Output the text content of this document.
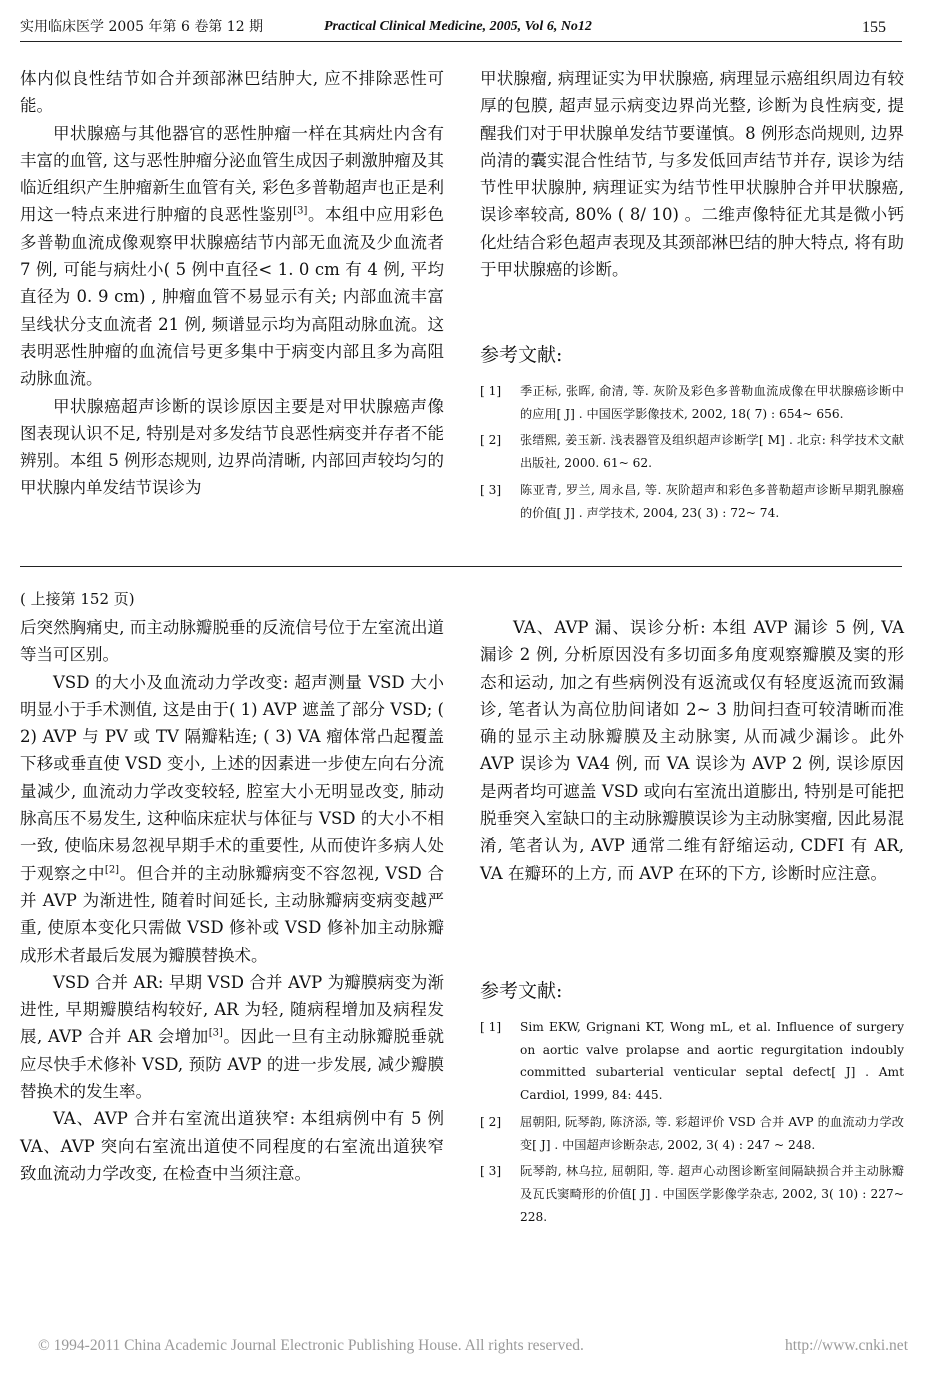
实用临床医学 2005 年第 6 卷第 12 期	Practical Clinical Medicine, 2005, Vol 6, No12	155

体内似良性结节如合并颈部淋巴结肿大, 应不排除恶性可能。

甲状腺癌与其他器官的恶性肿瘤一样在其病灶内含有丰富的血管, 这与恶性肿瘤分泌血管生成因子刺激肿瘤及其临近组织产生肿瘤新生血管有关, 彩色多普勒超声也正是利用这一特点来进行肿瘤的良恶性鉴别[3]。本组中应用彩色多普勒血流成像观察甲状腺癌结节内部无血流及少血流者 7 例, 可能与病灶小( 5 例中直径< 1. 0 cm 有 4 例, 平均直径为 0. 9 cm) , 肿瘤血管不易显示有关; 内部血流丰富呈线状分支血流者 21 例, 频谱显示均为高阻动脉血流。这表明恶性肿瘤的血流信号更多集中于病变内部且多为高阻动脉血流。

甲状腺癌超声诊断的误诊原因主要是对甲状腺癌声像图表现认识不足, 特别是对多发结节良恶性病变并存者不能辨别。本组 5 例形态规则, 边界尚清晰, 内部回声较均匀的甲状腺内单发结节误诊为

甲状腺瘤, 病理证实为甲状腺癌, 病理显示癌组织周边有较厚的包膜, 超声显示病变边界尚光整, 诊断为良性病变, 提醒我们对于甲状腺单发结节要谨慎。8 例形态尚规则, 边界尚清的囊实混合性结节, 与多发低回声结节并存, 误诊为结节性甲状腺肿, 病理证实为结节性甲状腺肿合并甲状腺癌, 误诊率较高, 80% ( 8/ 10) 。二维声像特征尤其是微小钙化灶结合彩色超声表现及其颈部淋巴结的肿大特点, 将有助于甲状腺癌的诊断。

参考文献:
[ 1] 季正标, 张晖, 俞清, 等. 灰阶及彩色多普勒血流成像在甲状腺癌诊断中的应用[ J] . 中国医学影像技术, 2002, 18( 7) : 654~ 656.
[ 2] 张缙熙, 姜玉新. 浅表器管及组织超声诊断学[ M] . 北京: 科学技术文献出版社, 2000. 61~ 62.
[ 3] 陈亚青, 罗兰, 周永昌, 等. 灰阶超声和彩色多普勒超声诊断早期乳腺癌的价值[ J] . 声学技术, 2004, 23( 3) : 72~ 74.
( 上接第 152 页)

后突然胸痛史, 而主动脉瓣脱垂的反流信号位于左室流出道等当可区别。

VSD 的大小及血流动力学改变: 超声测量 VSD 大小明显小于手术测值, 这是由于( 1) AVP 遮盖了部分 VSD; ( 2) AVP 与 PV 或 TV 隔瓣粘连; ( 3) VA 瘤体常凸起覆盖下移或垂直使 VSD 变小, 上述的因素进一步使左向右分流量减少, 血流动力学改变较轻, 腔室大小无明显改变, 肺动脉高压不易发生, 这种临床症状与体征与 VSD 的大小不相一致, 使临床易忽视早期手术的重要性, 从而使许多病人处于观察之中[2]。但合并的主动脉瓣病变不容忽视, VSD 合并 AVP 为渐进性, 随着时间延长, 主动脉瓣病变病变越严重, 使原本变化只需做 VSD 修补或 VSD 修补加主动脉瓣成形术者最后发展为瓣膜替换术。

VSD 合并 AR: 早期 VSD 合并 AVP 为瓣膜病变为渐进性, 早期瓣膜结构较好, AR 为轻, 随病程增加及病程发展, AVP 合并 AR 会增加[3]。因此一旦有主动脉瓣脱垂就应尽快手术修补 VSD, 预防 AVP 的进一步发展, 减少瓣膜替换术的发生率。

VA、AVP 合并右室流出道狭窄: 本组病例中有 5 例 VA、AVP 突向右室流出道使不同程度的右室流出道狭窄致血流动力学改变, 在检查中当须注意。

VA、AVP 漏、误诊分析: 本组 AVP 漏诊 5 例, VA 漏诊 2 例, 分析原因没有多切面多角度观察瓣膜及窦的形态和运动, 加之有些病例没有返流或仅有轻度返流而致漏诊, 笔者认为高位肋间诸如 2~ 3 肋间扫查可较清晰而准确的显示主动脉瓣膜及主动脉窦, 从而减少漏诊。此外 AVP 误诊为 VA4 例, 而 VA 误诊为 AVP 2 例, 误诊原因是两者均可遮盖 VSD 或向右室流出道膨出, 特别是可能把脱垂突入室缺口的主动脉瓣膜误诊为主动脉窦瘤, 因此易混淆, 笔者认为, AVP 通常二维有舒缩运动, CDFI 有 AR, VA 在瓣环的上方, 而 AVP 在环的下方, 诊断时应注意。

参考文献:
[ 1] Sim EKW, Grignani KT, Wong mL, et al. Influence of surgery on aortic valve prolapse and aortic regurgitation indoubly committed subarterial venticular septal defect[ J] . Amt Cardiol, 1999, 84: 445.
[ 2] 屈朝阳, 阮琴韵, 陈济添, 等. 彩超评价 VSD 合并 AVP 的血流动力学改变[ J] . 中国超声诊断杂志, 2002, 3( 4) : 247 ~ 248.
[ 3] 阮琴韵, 林乌拉, 屈朝阳, 等. 超声心动图诊断室间隔缺损合并主动脉瓣及瓦氏窦畸形的价值[ J] . 中国医学影像学杂志, 2002, 3( 10) : 227~ 228.
© 1994-2011 China Academic Journal Electronic Publishing House. All rights reserved.	http://www.cnki.net
